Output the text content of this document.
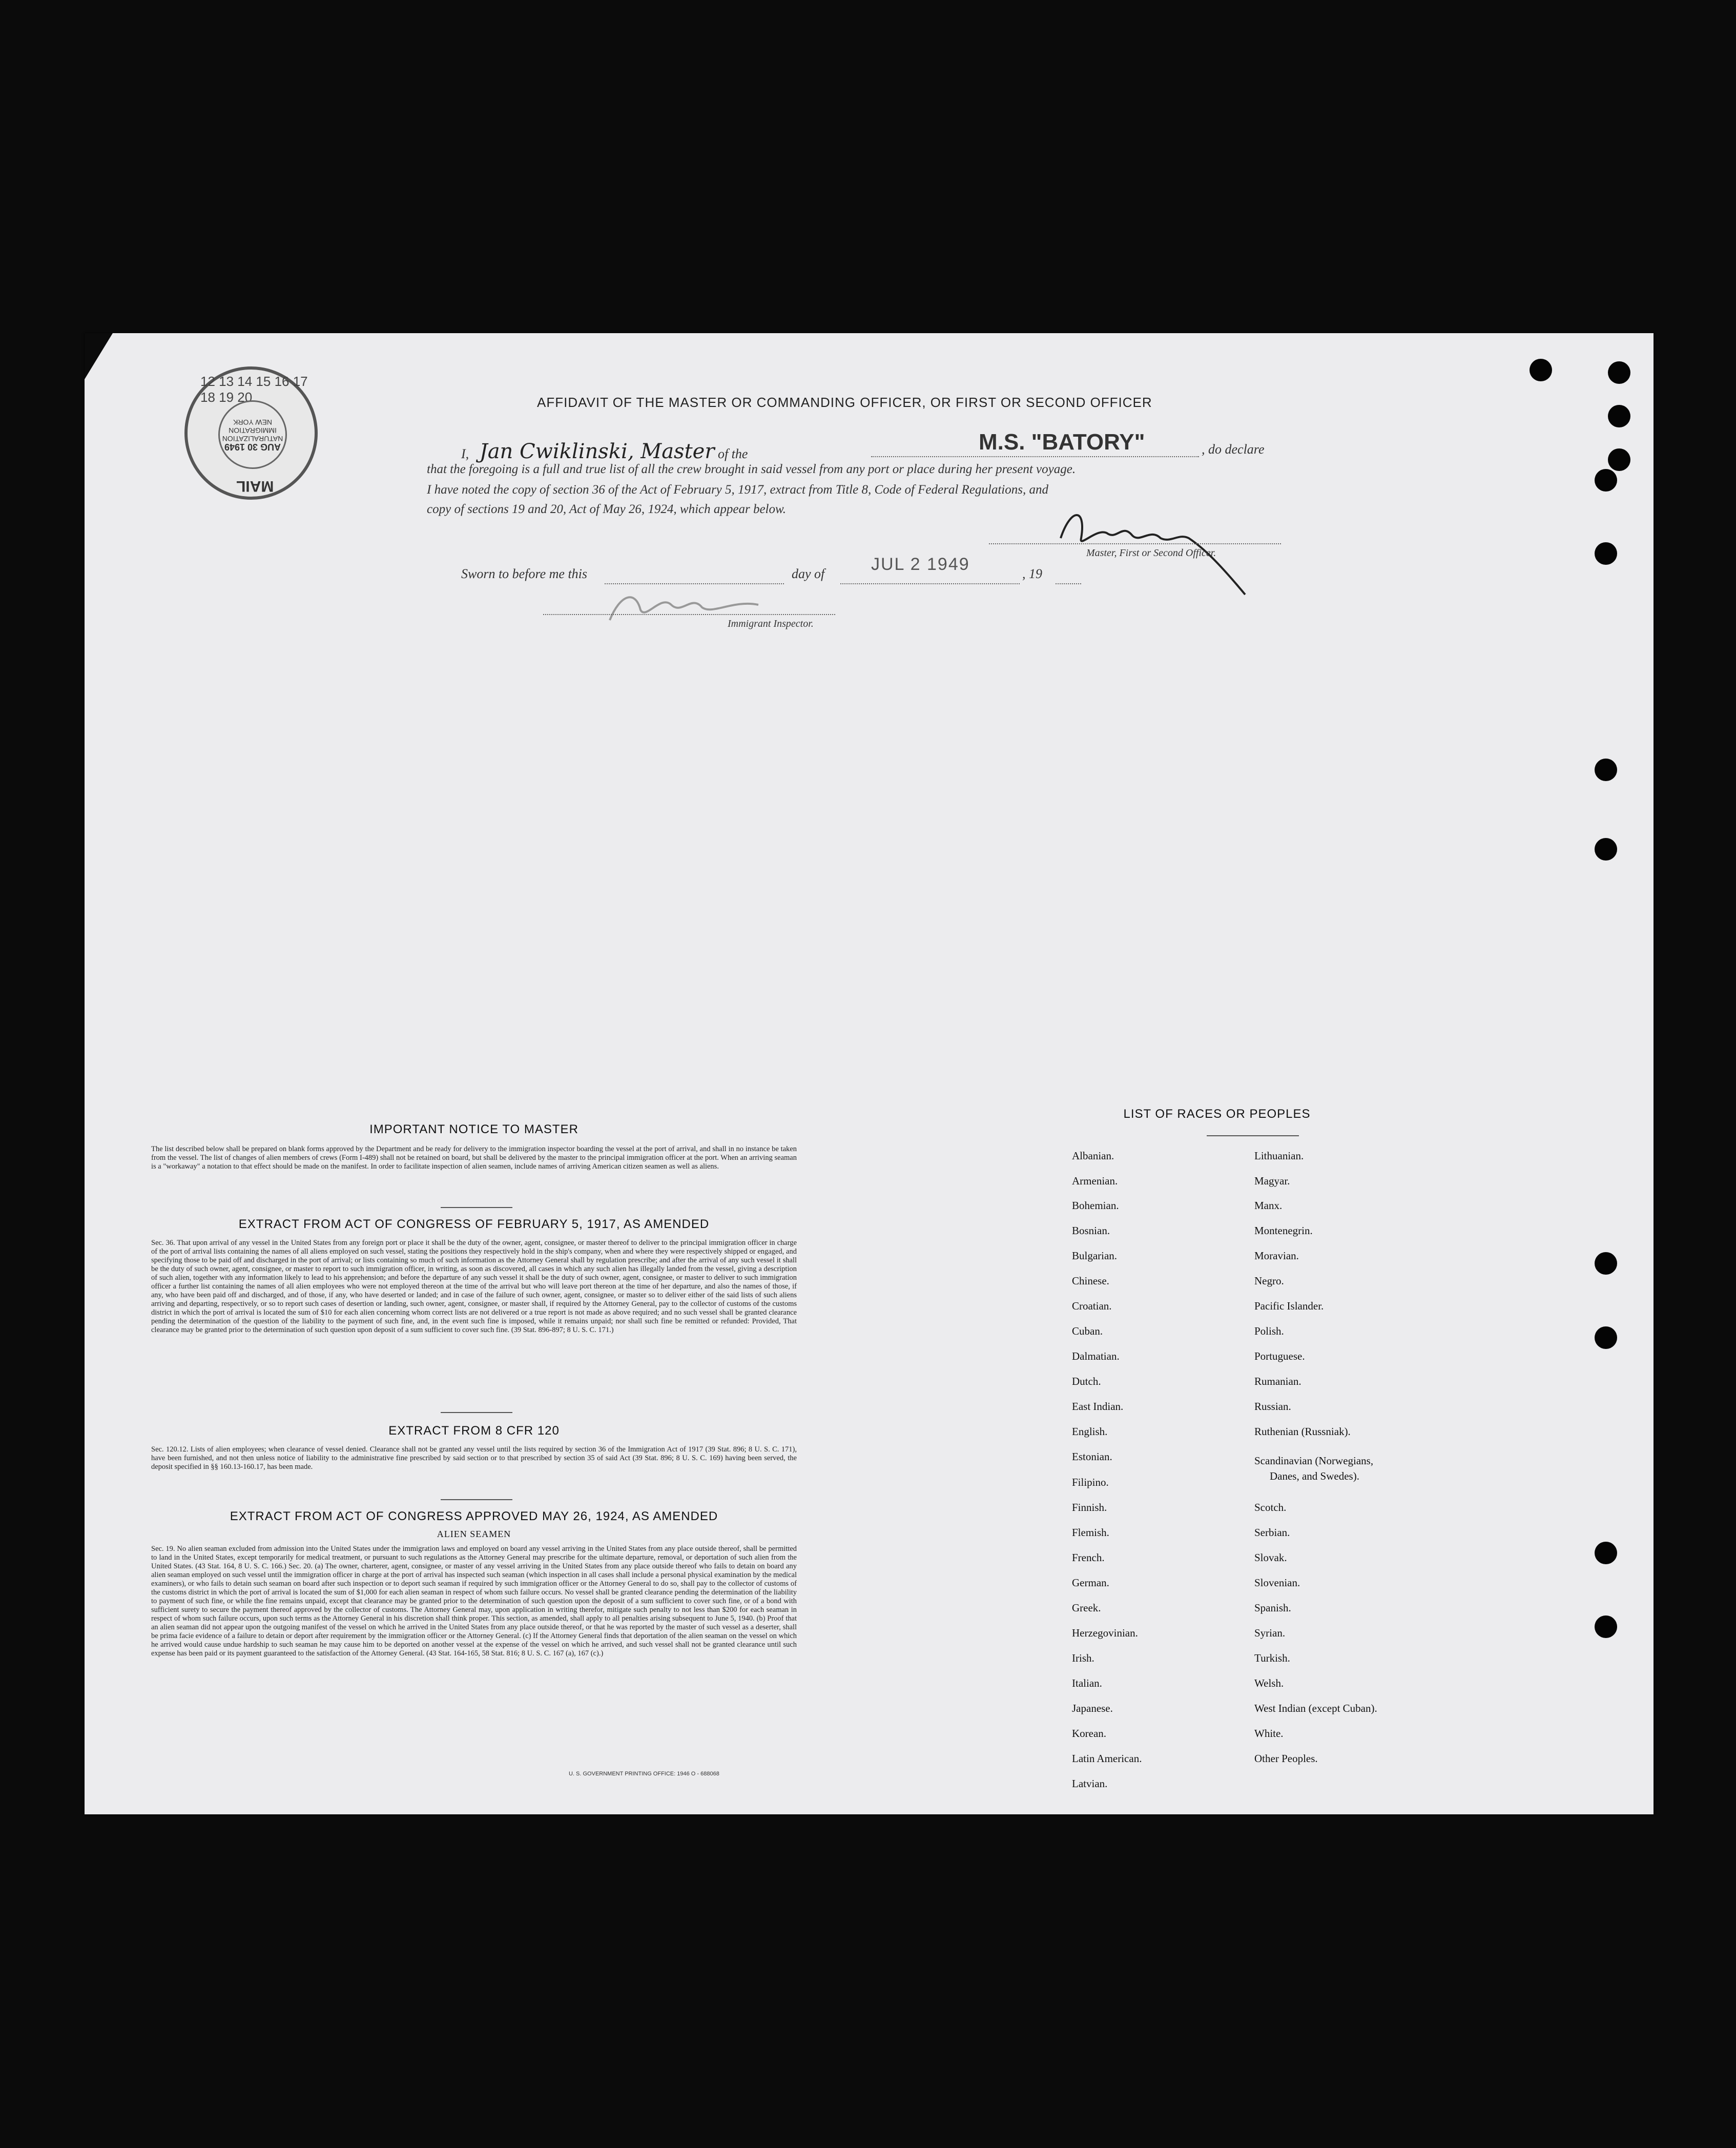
12 13 14 15 16 17 18 19 20
AUG 30 1949
NATURALIZATION
IMMIGRATION
NEW YORK
MAIL
AFFIDAVIT OF THE MASTER OR COMMANDING OFFICER, OR FIRST OR SECOND OFFICER
I, Jan Cwiklinski, Master of the	M.S. "BATORY"	, do declare
that the foregoing is a full and true list of all the crew brought in said vessel from any port or place during her present voyage.
I have noted the copy of section 36 of the Act of February 5, 1917, extract from Title 8, Code of Federal Regulations, and
copy of sections 19 and 20, Act of May 26, 1924, which appear below.
Master, First or Second Officer.
Sworn to before me this	day of	JUL 2 1949	, 19
Immigrant Inspector.
IMPORTANT NOTICE TO MASTER
The list described below shall be prepared on blank forms approved by the Department and be ready for delivery to the immigration inspector boarding the vessel at the port of arrival, and shall in no instance be taken from the vessel. The list of changes of alien members of crews (Form I-489) shall not be retained on board, but shall be delivered by the master to the principal immigration officer at the port. When an arriving seaman is a "workaway" a notation to that effect should be made on the manifest. In order to facilitate inspection of alien seamen, include names of arriving American citizen seamen as well as aliens.
EXTRACT FROM ACT OF CONGRESS OF FEBRUARY 5, 1917, AS AMENDED
Sec. 36. That upon arrival of any vessel in the United States from any foreign port or place it shall be the duty of the owner, agent, consignee, or master thereof to deliver to the principal immigration officer in charge of the port of arrival lists containing the names of all aliens employed on such vessel, stating the positions they respectively hold in the ship's company, when and where they were respectively shipped or engaged, and specifying those to be paid off and discharged in the port of arrival; or lists containing so much of such information as the Attorney General shall by regulation prescribe; and after the arrival of any such vessel it shall be the duty of such owner, agent, consignee, or master to report to such immigration officer, in writing, as soon as discovered, all cases in which any such alien has illegally landed from the vessel, giving a description of such alien, together with any information likely to lead to his apprehension; and before the departure of any such vessel it shall be the duty of such owner, agent, consignee, or master to deliver to such immigration officer a further list containing the names of all alien employees who were not employed thereon at the time of the arrival but who will leave port thereon at the time of her departure, and also the names of those, if any, who have been paid off and discharged, and of those, if any, who have deserted or landed; and in case of the failure of such owner, agent, consignee, or master so to deliver either of the said lists of such aliens arriving and departing, respectively, or so to report such cases of desertion or landing, such owner, agent, consignee, or master shall, if required by the Attorney General, pay to the collector of customs of the customs district in which the port of arrival is located the sum of $10 for each alien concerning whom correct lists are not delivered or a true report is not made as above required; and no such vessel shall be granted clearance pending the determination of the question of the liability to the payment of such fine, and, in the event such fine is imposed, while it remains unpaid; nor shall such fine be remitted or refunded: Provided, That clearance may be granted prior to the determination of such question upon deposit of a sum sufficient to cover such fine. (39 Stat. 896-897; 8 U. S. C. 171.)
EXTRACT FROM 8 CFR 120
Sec. 120.12. Lists of alien employees; when clearance of vessel denied. Clearance shall not be granted any vessel until the lists required by section 36 of the Immigration Act of 1917 (39 Stat. 896; 8 U. S. C. 171), have been furnished, and not then unless notice of liability to the administrative fine prescribed by said section or to that prescribed by section 35 of said Act (39 Stat. 896; 8 U. S. C. 169) having been served, the deposit specified in §§ 160.13-160.17, has been made.
EXTRACT FROM ACT OF CONGRESS APPROVED MAY 26, 1924, AS AMENDED
ALIEN SEAMEN
Sec. 19. No alien seaman excluded from admission into the United States under the immigration laws and employed on board any vessel arriving in the United States from any place outside thereof, shall be permitted to land in the United States, except temporarily for medical treatment, or pursuant to such regulations as the Attorney General may prescribe for the ultimate departure, removal, or deportation of such alien from the United States. (43 Stat. 164, 8 U. S. C. 166.) Sec. 20. (a) The owner, charterer, agent, consignee, or master of any vessel arriving in the United States from any place outside thereof who fails to detain on board any alien seaman employed on such vessel until the immigration officer in charge at the port of arrival has inspected such seaman (which inspection in all cases shall include a personal physical examination by the medical examiners), or who fails to detain such seaman on board after such inspection or to deport such seaman if required by such immigration officer or the Attorney General to do so, shall pay to the collector of customs of the customs district in which the port of arrival is located the sum of $1,000 for each alien seaman in respect of whom such failure occurs. No vessel shall be granted clearance pending the determination of the liability to payment of such fine, or while the fine remains unpaid, except that clearance may be granted prior to the determination of such question upon the deposit of a sum sufficient to cover such fine, or of a bond with sufficient surety to secure the payment thereof approved by the collector of customs. The Attorney General may, upon application in writing therefor, mitigate such penalty to not less than $200 for each seaman in respect of whom such failure occurs, upon such terms as the Attorney General in his discretion shall think proper. This section, as amended, shall apply to all penalties arising subsequent to June 5, 1940. (b) Proof that an alien seaman did not appear upon the outgoing manifest of the vessel on which he arrived in the United States from any place outside thereof, or that he was reported by the master of such vessel as a deserter, shall be prima facie evidence of a failure to detain or deport after requirement by the immigration officer or the Attorney General. (c) If the Attorney General finds that deportation of the alien seaman on the vessel on which he arrived would cause undue hardship to such seaman he may cause him to be deported on another vessel at the expense of the vessel on which he arrived, and such vessel shall not be granted clearance until such expense has been paid or its payment guaranteed to the satisfaction of the Attorney General. (43 Stat. 164-165, 58 Stat. 816; 8 U. S. C. 167 (a), 167 (c).)
U. S. GOVERNMENT PRINTING OFFICE: 1946 O - 688068
LIST OF RACES OR PEOPLES
Albanian.
Armenian.
Bohemian.
Bosnian.
Bulgarian.
Chinese.
Croatian.
Cuban.
Dalmatian.
Dutch.
East Indian.
English.
Estonian.
Filipino.
Finnish.
Flemish.
French.
German.
Greek.
Herzegovinian.
Irish.
Italian.
Japanese.
Korean.
Latin American.
Latvian.
Lithuanian.
Magyar.
Manx.
Montenegrin.
Moravian.
Negro.
Pacific Islander.
Polish.
Portuguese.
Rumanian.
Russian.
Ruthenian (Russniak).
Scandinavian (Norwegians,
Danes, and Swedes).
Scotch.
Serbian.
Slovak.
Slovenian.
Spanish.
Syrian.
Turkish.
Welsh.
West Indian (except Cuban).
White.
Other Peoples.
